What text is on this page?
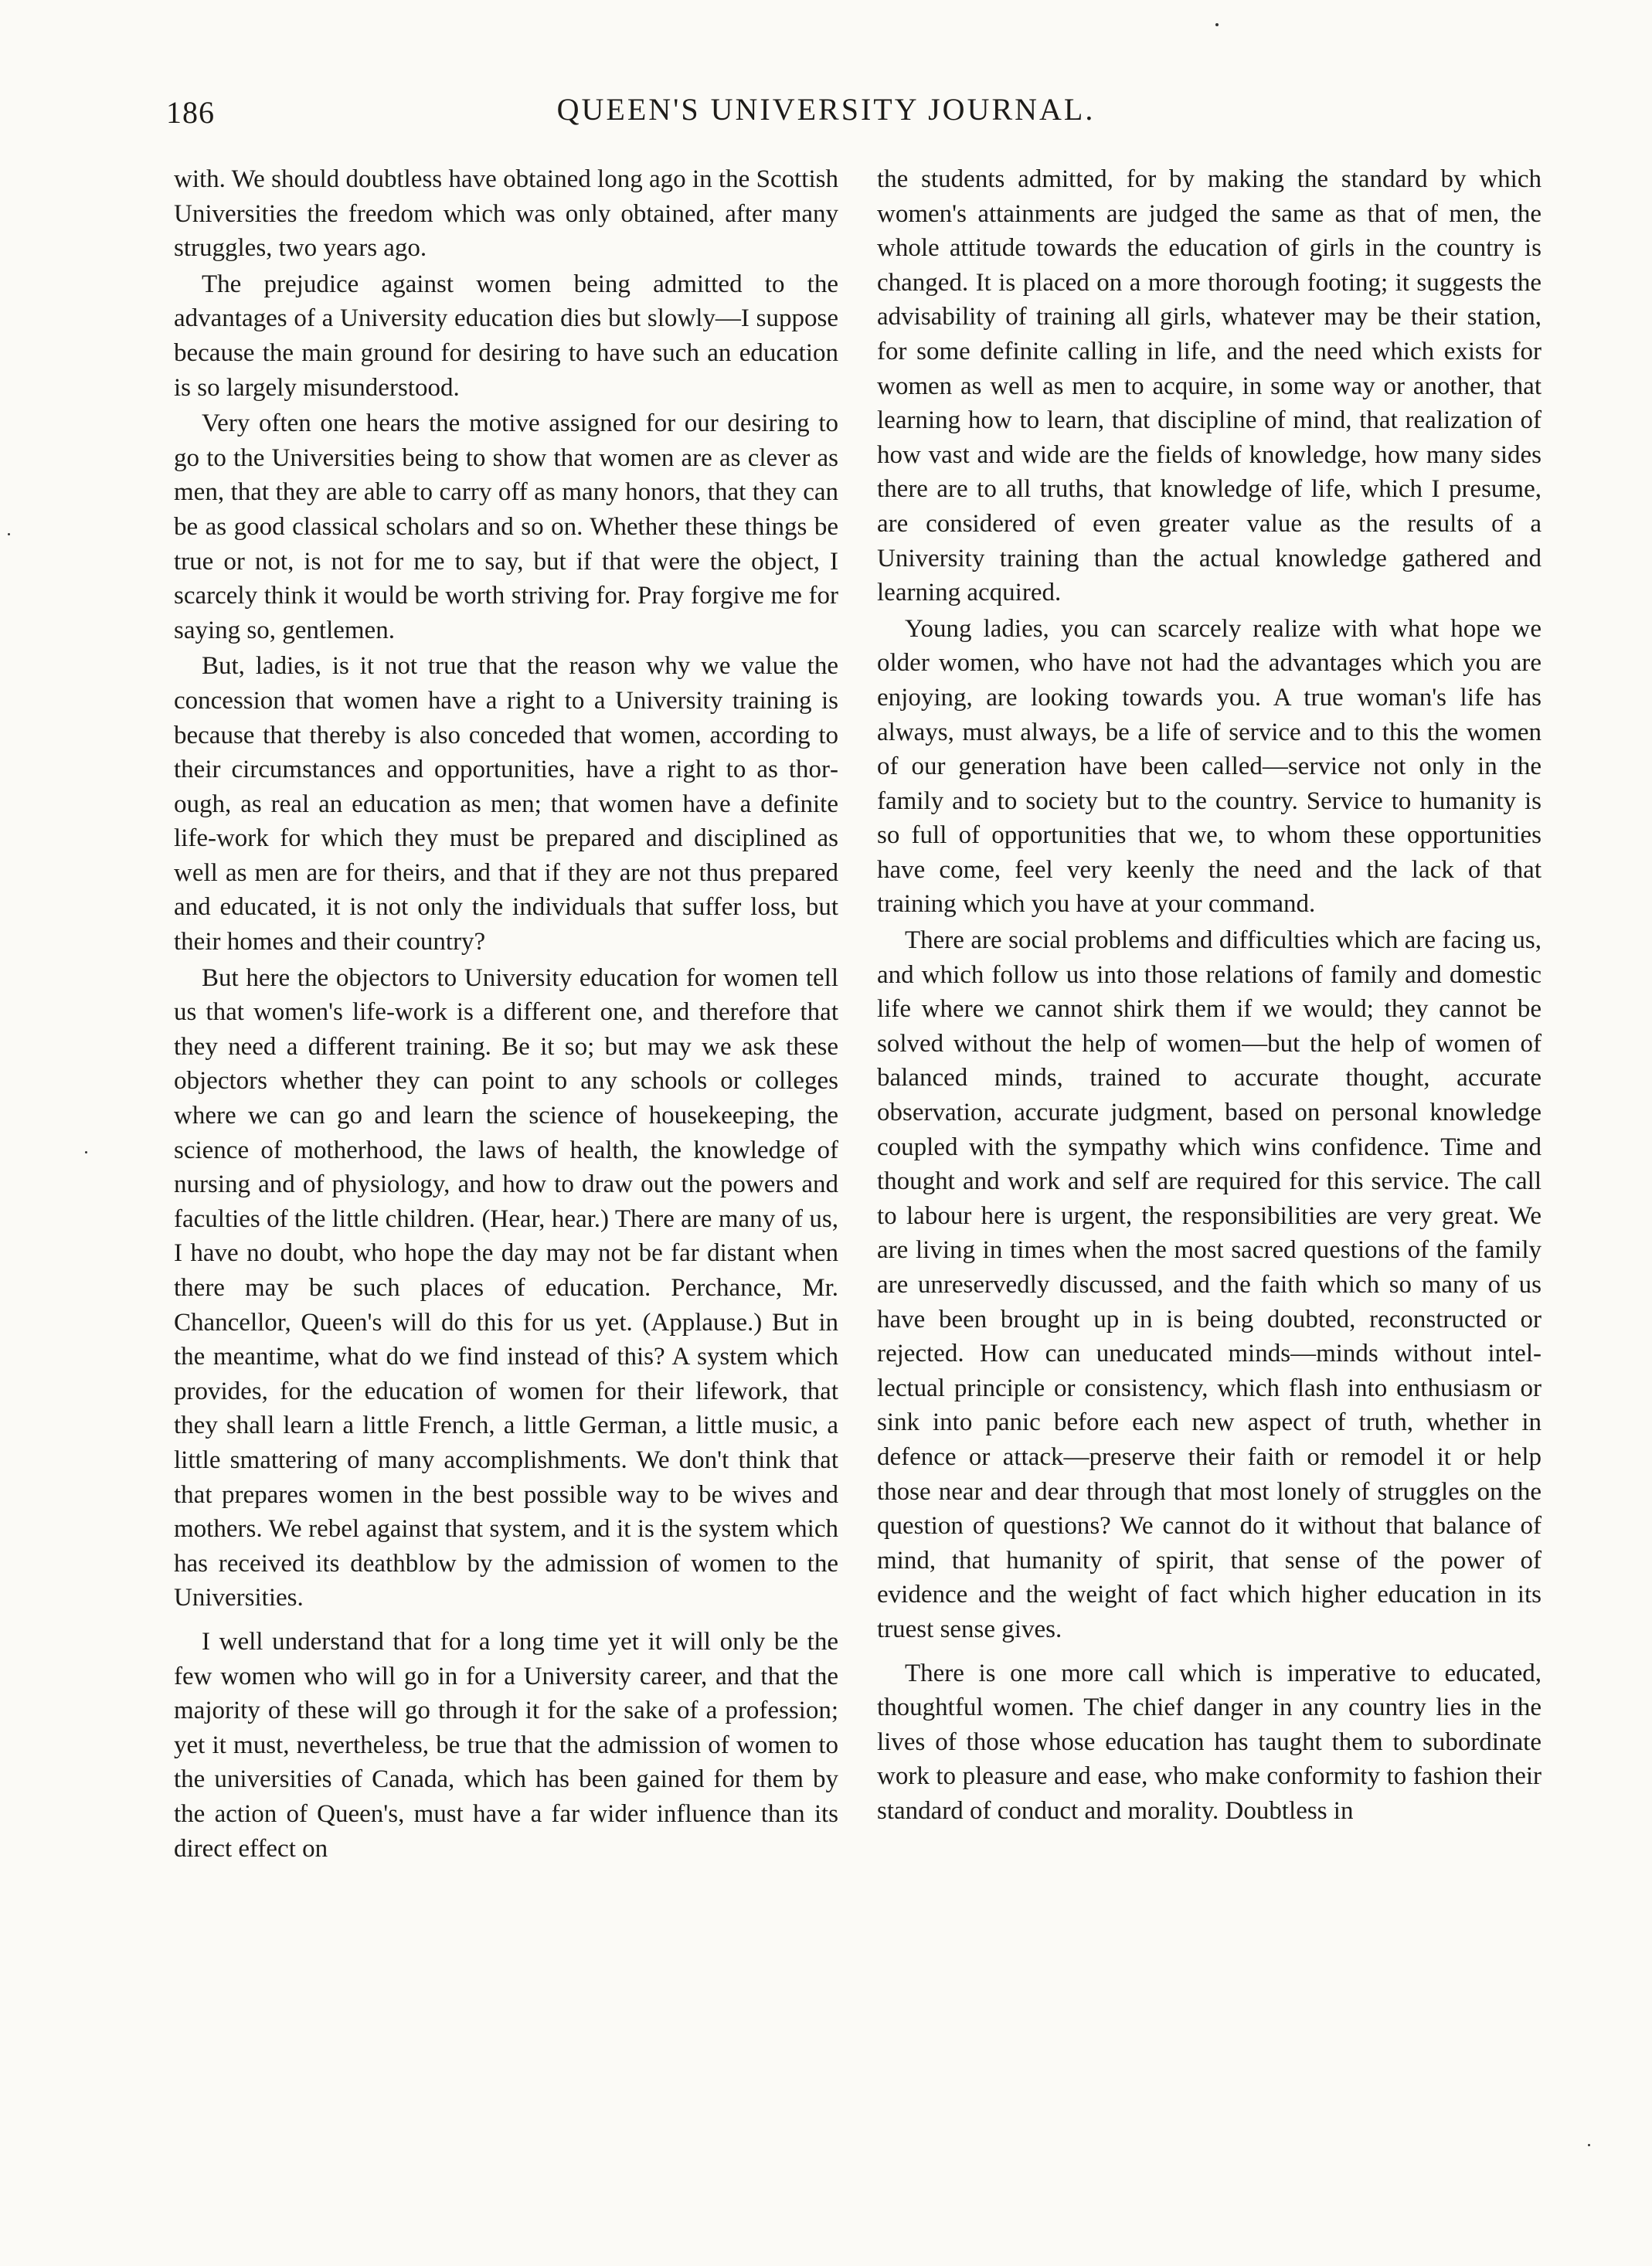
186	QUEEN'S UNIVERSITY JOURNAL.

with. We should doubtless have obtained long ago in the Scottish Universities the freedom which was only obtained, after many struggles, two years ago.

The prejudice against women being admitted to the advantages of a University education dies but slowly—I suppose because the main ground for desiring to have such an education is so largely misunderstood.

Very often one hears the motive assigned for our desiring to go to the Universities being to show that women are as clever as men, that they are able to carry off as many honors, that they can be as good classical scholars and so on. Whether these things be true or not, is not for me to say, but if that were the object, I scarcely think it would be worth striving for. Pray forgive me for saying so, gentlemen.

But, ladies, is it not true that the reason why we value the concession that women have a right to a University training is because that thereby is also conceded that women, according to their circumstances and opportunities, have a right to as thorough, as real an education as men; that women have a definite life-work for which they must be prepared and disciplined as well as men are for theirs, and that if they are not thus prepared and educated, it is not only the individuals that suffer loss, but their homes and their country?

But here the objectors to University education for women tell us that women's life-work is a different one, and therefore that they need a different training. Be it so; but may we ask these objectors whether they can point to any schools or colleges where we can go and learn the science of housekeeping, the science of motherhood, the laws of health, the knowledge of nursing and of physiology, and how to draw out the powers and faculties of the little children. (Hear, hear.) There are many of us, I have no doubt, who hope the day may not be far distant when there may be such places of education. Perchance, Mr. Chancellor, Queen's will do this for us yet. (Applause.) But in the meantime, what do we find instead of this? A system which provides, for the education of women for their lifework, that they shall learn a little French, a little German, a little music, a little smattering of many accomplishments. We don't think that that prepares women in the best possible way to be wives and mothers. We rebel against that system, and it is the system which has received its deathblow by the admission of women to the Universities.

I well understand that for a long time yet it will only be the few women who will go in for a University career, and that the majority of these will go through it for the sake of a profession; yet it must, nevertheless, be true that the admission of women to the universities of Canada, which has been gained for them by the action of Queen's, must have a far wider influence than its direct effect on

the students admitted, for by making the standard by which women's attainments are judged the same as that of men, the whole attitude towards the education of girls in the country is changed. It is placed on a more thorough footing; it suggests the advisability of training all girls, whatever may be their station, for some definite calling in life, and the need which exists for women as well as men to acquire, in some way or another, that learning how to learn, that discipline of mind, that realization of how vast and wide are the fields of knowledge, how many sides there are to all truths, that knowledge of life, which I presume, are considered of even greater value as the results of a University training than the actual knowledge gathered and learning acquired.

Young ladies, you can scarcely realize with what hope we older women, who have not had the advantages which you are enjoying, are looking towards you. A true woman's life has always, must always, be a life of service and to this the women of our generation have been called—service not only in the family and to society but to the country. Service to humanity is so full of opportunities that we, to whom these opportunities have come, feel very keenly the need and the lack of that training which you have at your command.

There are social problems and difficulties which are facing us, and which follow us into those relations of family and domestic life where we cannot shirk them if we would; they cannot be solved without the help of women—but the help of women of balanced minds, trained to accurate thought, accurate observation, accurate judgment, based on personal knowledge coupled with the sympathy which wins confidence. Time and thought and work and self are required for this service. The call to labour here is urgent, the responsibilities are very great. We are living in times when the most sacred questions of the family are unreservedly discussed, and the faith which so many of us have been brought up in is being doubted, reconstructed or rejected. How can uneducated minds—minds without intellectual principle or consistency, which flash into enthusiasm or sink into panic before each new aspect of truth, whether in defence or attack—preserve their faith or remodel it or help those near and dear through that most lonely of struggles on the question of questions? We cannot do it without that balance of mind, that humanity of spirit, that sense of the power of evidence and the weight of fact which higher education in its truest sense gives.

There is one more call which is imperative to educated, thoughtful women. The chief danger in any country lies in the lives of those whose education has taught them to subordinate work to pleasure and ease, who make conformity to fashion their standard of conduct and morality. Doubtless in
